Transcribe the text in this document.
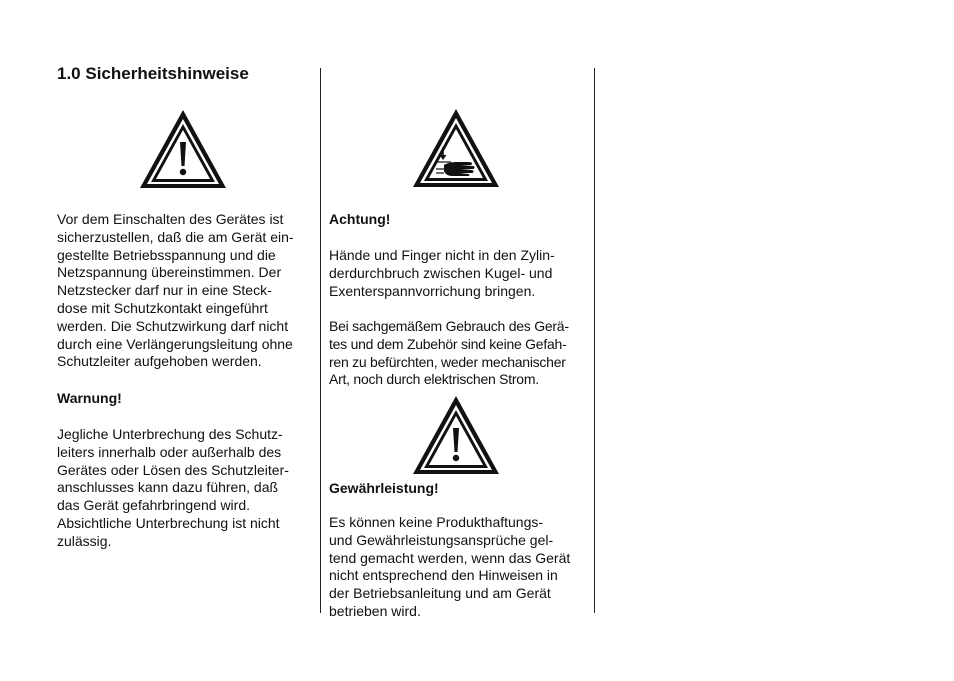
1.0 Sicherheitshinweise

Vor dem Einschalten des Gerätes ist
sicherzustellen, daß die am Gerät ein-
gestellte Betriebsspannung und die
Netzspannung übereinstimmen. Der
Netzstecker darf nur in eine Steck-
dose mit Schutzkontakt eingeführt
werden. Die Schutzwirkung darf nicht
durch eine Verlängerungsleitung ohne
Schutzleiter aufgehoben werden.

Warnung!

Jegliche Unterbrechung des Schutz-
leiters innerhalb oder außerhalb des
Gerätes oder Lösen des Schutzleiter-
anschlusses kann dazu führen, daß
das Gerät gefahrbringend wird.
Absichtliche Unterbrechung ist nicht
zulässig.

Achtung!

Hände und Finger nicht in den Zylin-
derdurchbruch zwischen Kugel- und
Exenterspannvorrichung bringen.

Bei sachgemäßem Gebrauch des Gerä-
tes und dem Zubehör sind keine Gefah-
ren zu befürchten, weder mechanischer
Art, noch durch elektrischen Strom.

Gewährleistung!

Es können keine Produkthaftungs-
und Gewährleistungsansprüche gel-
tend gemacht werden, wenn das Gerät
nicht entsprechend den Hinweisen in
der Betriebsanleitung und am Gerät
betrieben wird.
